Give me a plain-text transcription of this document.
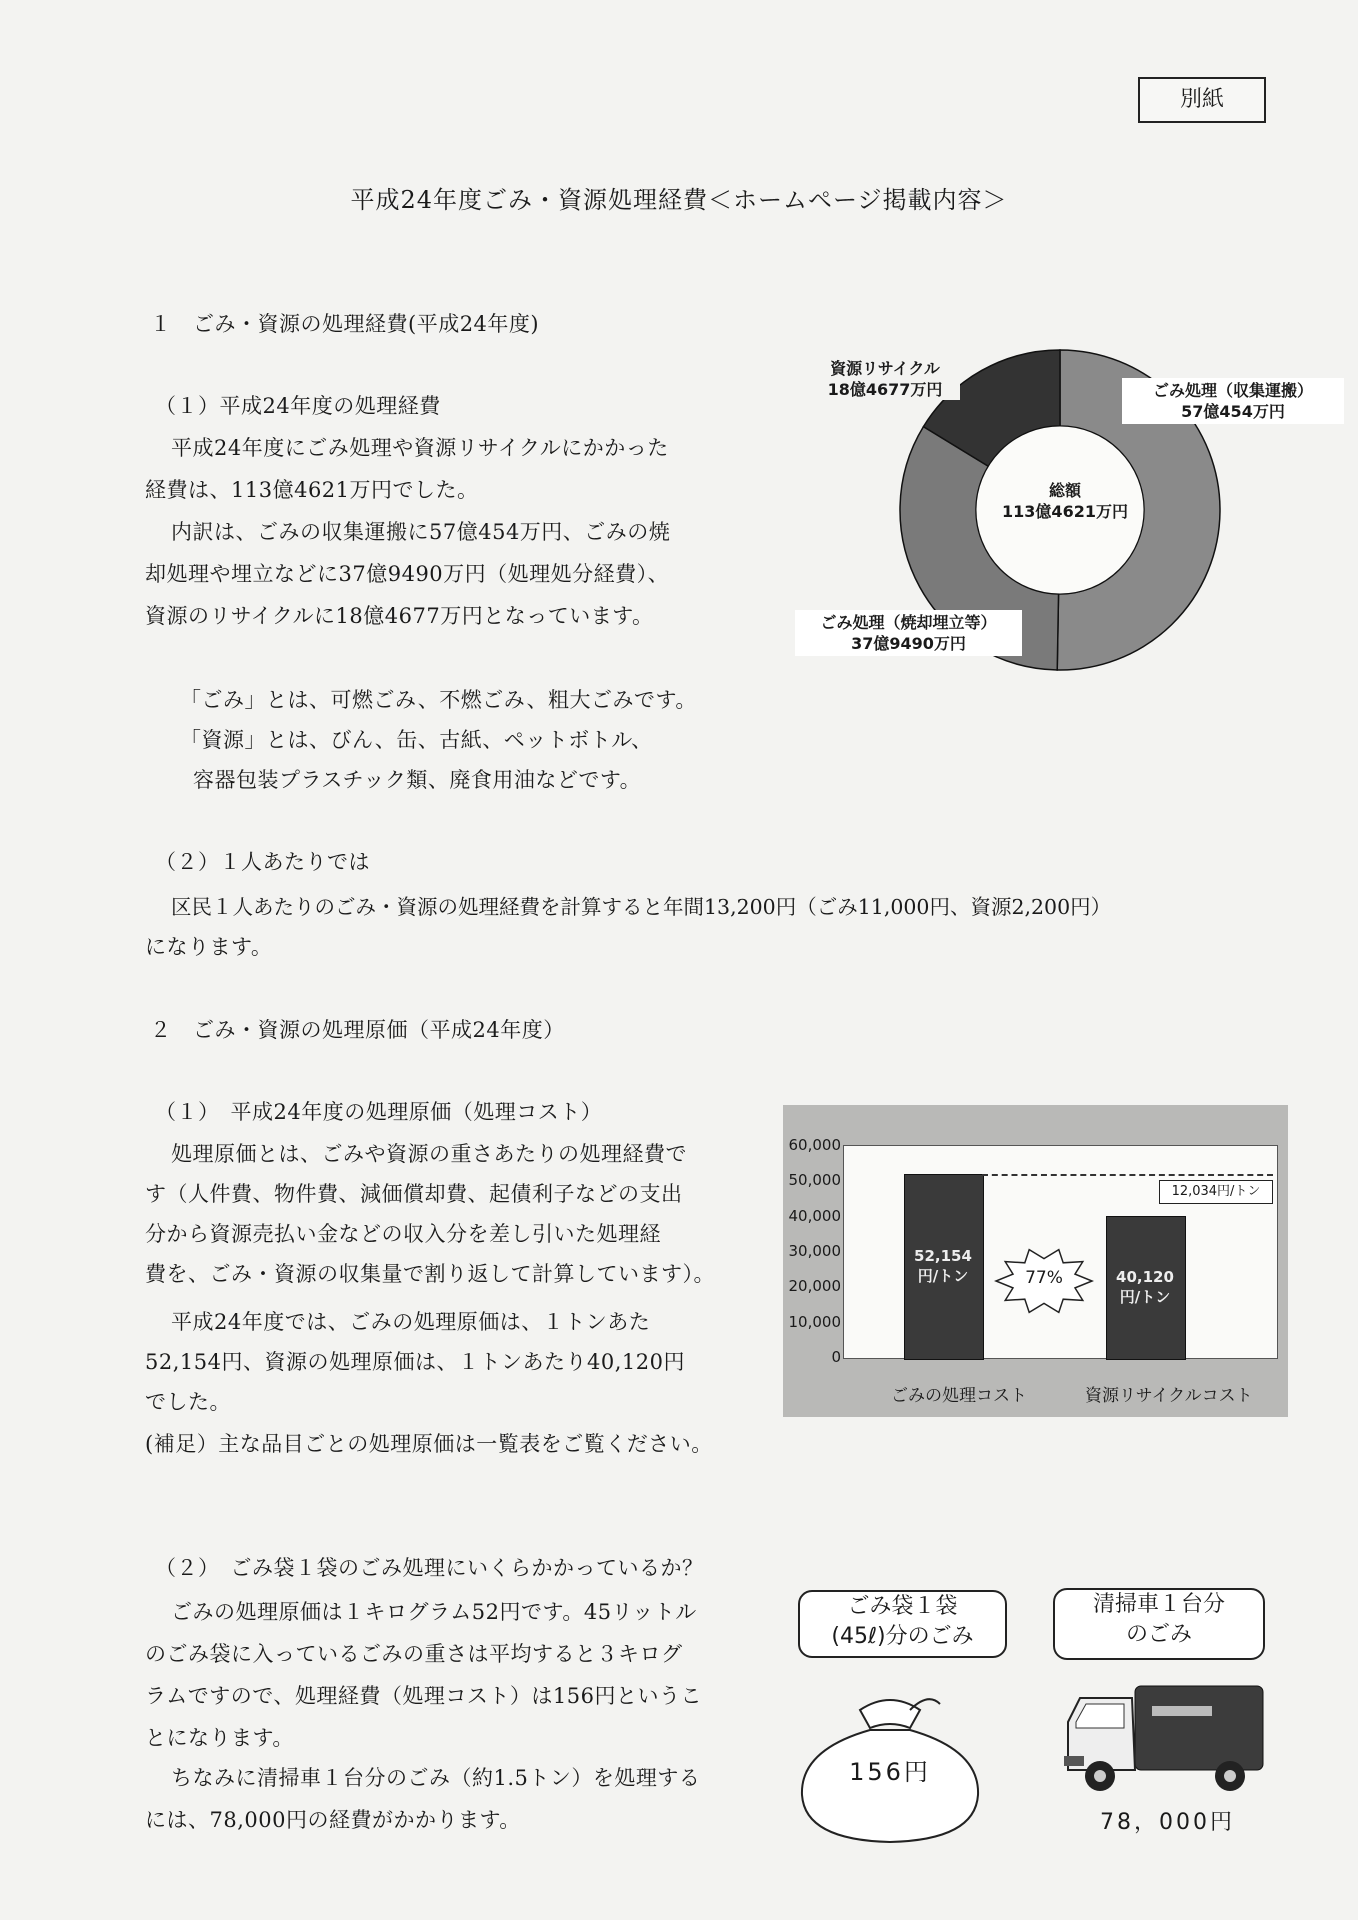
別紙
平成24年度ごみ・資源処理経費＜ホームページ掲載内容＞
１　ごみ・資源の処理経費(平成24年度)
（１）平成24年度の処理経費
平成24年度にごみ処理や資源リサイクルにかかった
経費は、113億4621万円でした。
内訳は、ごみの収集運搬に57億454万円、ごみの焼
却処理や埋立などに37億9490万円（処理処分経費）、
資源のリサイクルに18億4677万円となっています。
「ごみ」とは、可燃ごみ、不燃ごみ、粗大ごみです。
「資源」とは、びん、缶、古紙、ペットボトル、
容器包装プラスチック類、廃食用油などです。
（２）１人あたりでは
区民１人あたりのごみ・資源の処理経費を計算すると年間13,200円（ごみ11,000円、資源2,200円）
になります。
総額
113億4621万円
資源リサイクル
18億4677万円	ごみ処理（収集運搬）
57億454万円
ごみ処理（焼却埋立等）
37億9490万円
２　ごみ・資源の処理原価（平成24年度）
（１）　平成24年度の処理原価（処理コスト）
処理原価とは、ごみや資源の重さあたりの処理経費で
す（人件費、物件費、減価償却費、起債利子などの支出
分から資源売払い金などの収入分を差し引いた処理経
費を、ごみ・資源の収集量で割り返して計算しています）。
平成24年度では、ごみの処理原価は、１トンあた
52,154円、資源の処理原価は、１トンあたり40,120円
でした。
(補足）主な品目ごとの処理原価は一覧表をご覧ください。
52,154
円/トン	40,120
円/トン
12,034円/トン
77%
0
10,000
20,000
30,000
40,000
50,000
60,000
ごみの処理コスト	資源リサイクルコスト
（２）　ごみ袋１袋のごみ処理にいくらかかっているか？
ごみの処理原価は１キログラム52円です。45リットル
のごみ袋に入っているごみの重さは平均すると３キログ
ラムですので、処理経費（処理コスト）は156円というこ
とになります。
ちなみに清掃車１台分のごみ（約1.5トン）を処理する
には、78,000円の経費がかかります。
ごみ袋１袋
(45ℓ)分のごみ
156円
清掃車１台分
のごみ
78，000円
